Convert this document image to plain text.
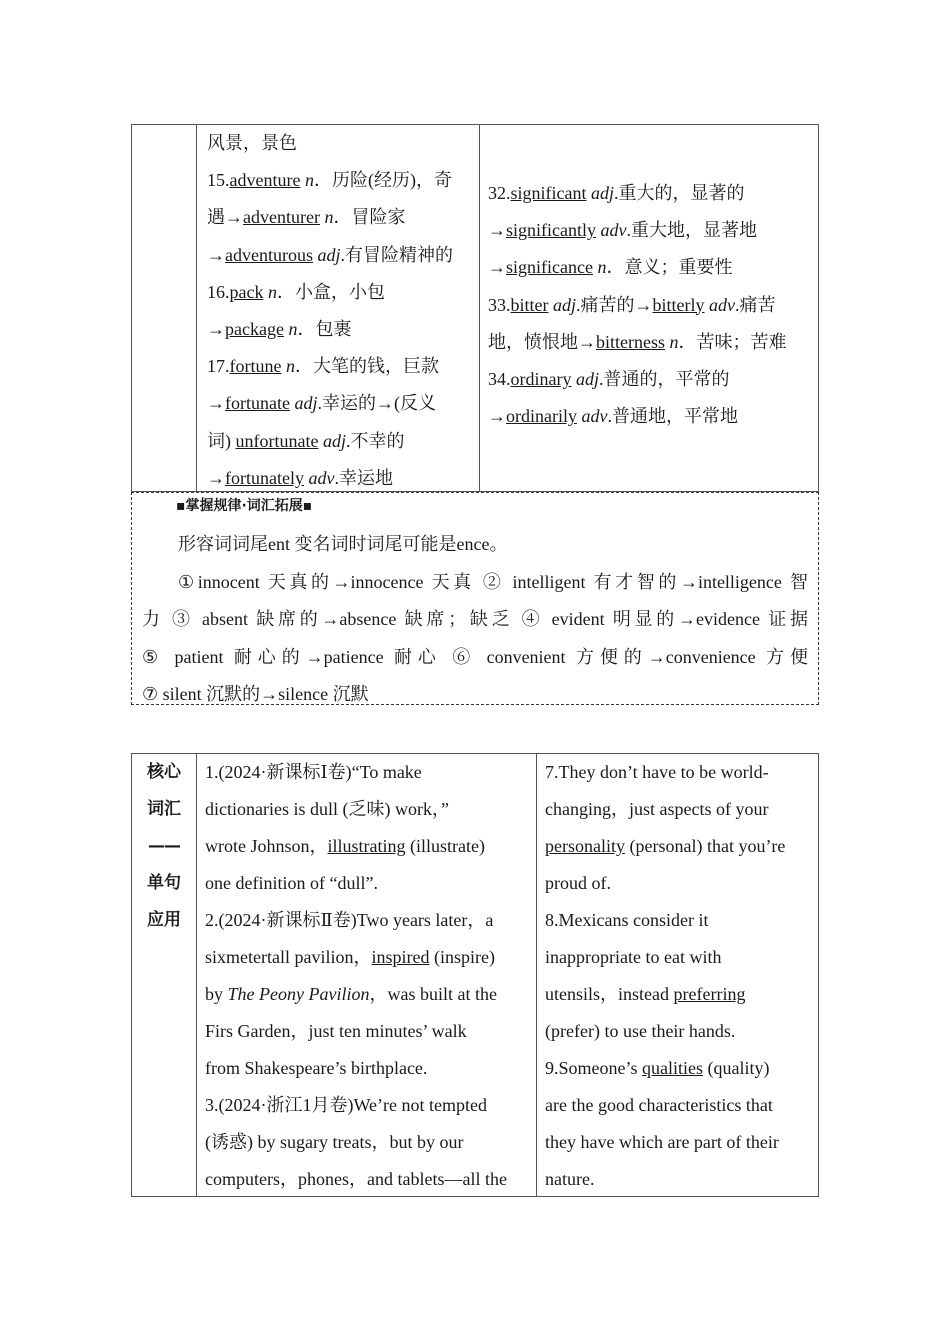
风景，景色
15.adventure n．历险(经历)，奇
遇→adventurer n．冒险家
→adventurous adj.有冒险精神的
16.pack n．小盒，小包
→package n．包裹
17.fortune n．大笔的钱，巨款
→fortunate adj.幸运的→(反义
词) unfortunate adj.不幸的
→fortunately adv.幸运地
32.significant adj.重大的，显著的
→significantly adv.重大地，显著地
→significance n．意义；重要性
33.bitter adj.痛苦的→bitterly adv.痛苦
地，愤恨地→bitterness n．苦味；苦难
34.ordinary adj.普通的，平常的
→ordinarily adv.普通地，平常地
▪掌握规律·词汇拓展▪
形容词词尾ent 变名词时词尾可能是ence。
①innocent 天真的→innocence 天真 ② intelligent 有才智的→intelligence 智
力 ③ absent 缺席的→absence 缺席；缺乏 ④ evident 明显的→evidence 证据
⑤ patient 耐心的→patience 耐心 ⑥ convenient 方便的→convenience 方便
⑦ silent 沉默的→silence 沉默
核心
词汇
——
单句
应用
1.(2024·新课标Ⅰ卷)“To make
dictionaries is dull (乏味) work，”
wrote Johnson，illustrating (illustrate)
one definition of “dull”.
2.(2024·新课标Ⅱ卷)Two years later，a
sixmetertall pavilion，inspired (inspire)
by The Peony Pavilion，was built at the
Firs Garden，just ten minutes’ walk
from Shakespeare’s birthplace.
3.(2024·浙江1月卷)We’re not tempted
(诱惑) by sugary treats，but by our
computers，phones，and tablets—all the
7.They don’t have to be world-
changing，just aspects of your
personality (personal) that you’re
proud of.
8.Mexicans consider it
inappropriate to eat with
utensils，instead preferring
(prefer) to use their hands.
9.Someone’s qualities (quality)
are the good characteristics that
they have which are part of their
nature.
